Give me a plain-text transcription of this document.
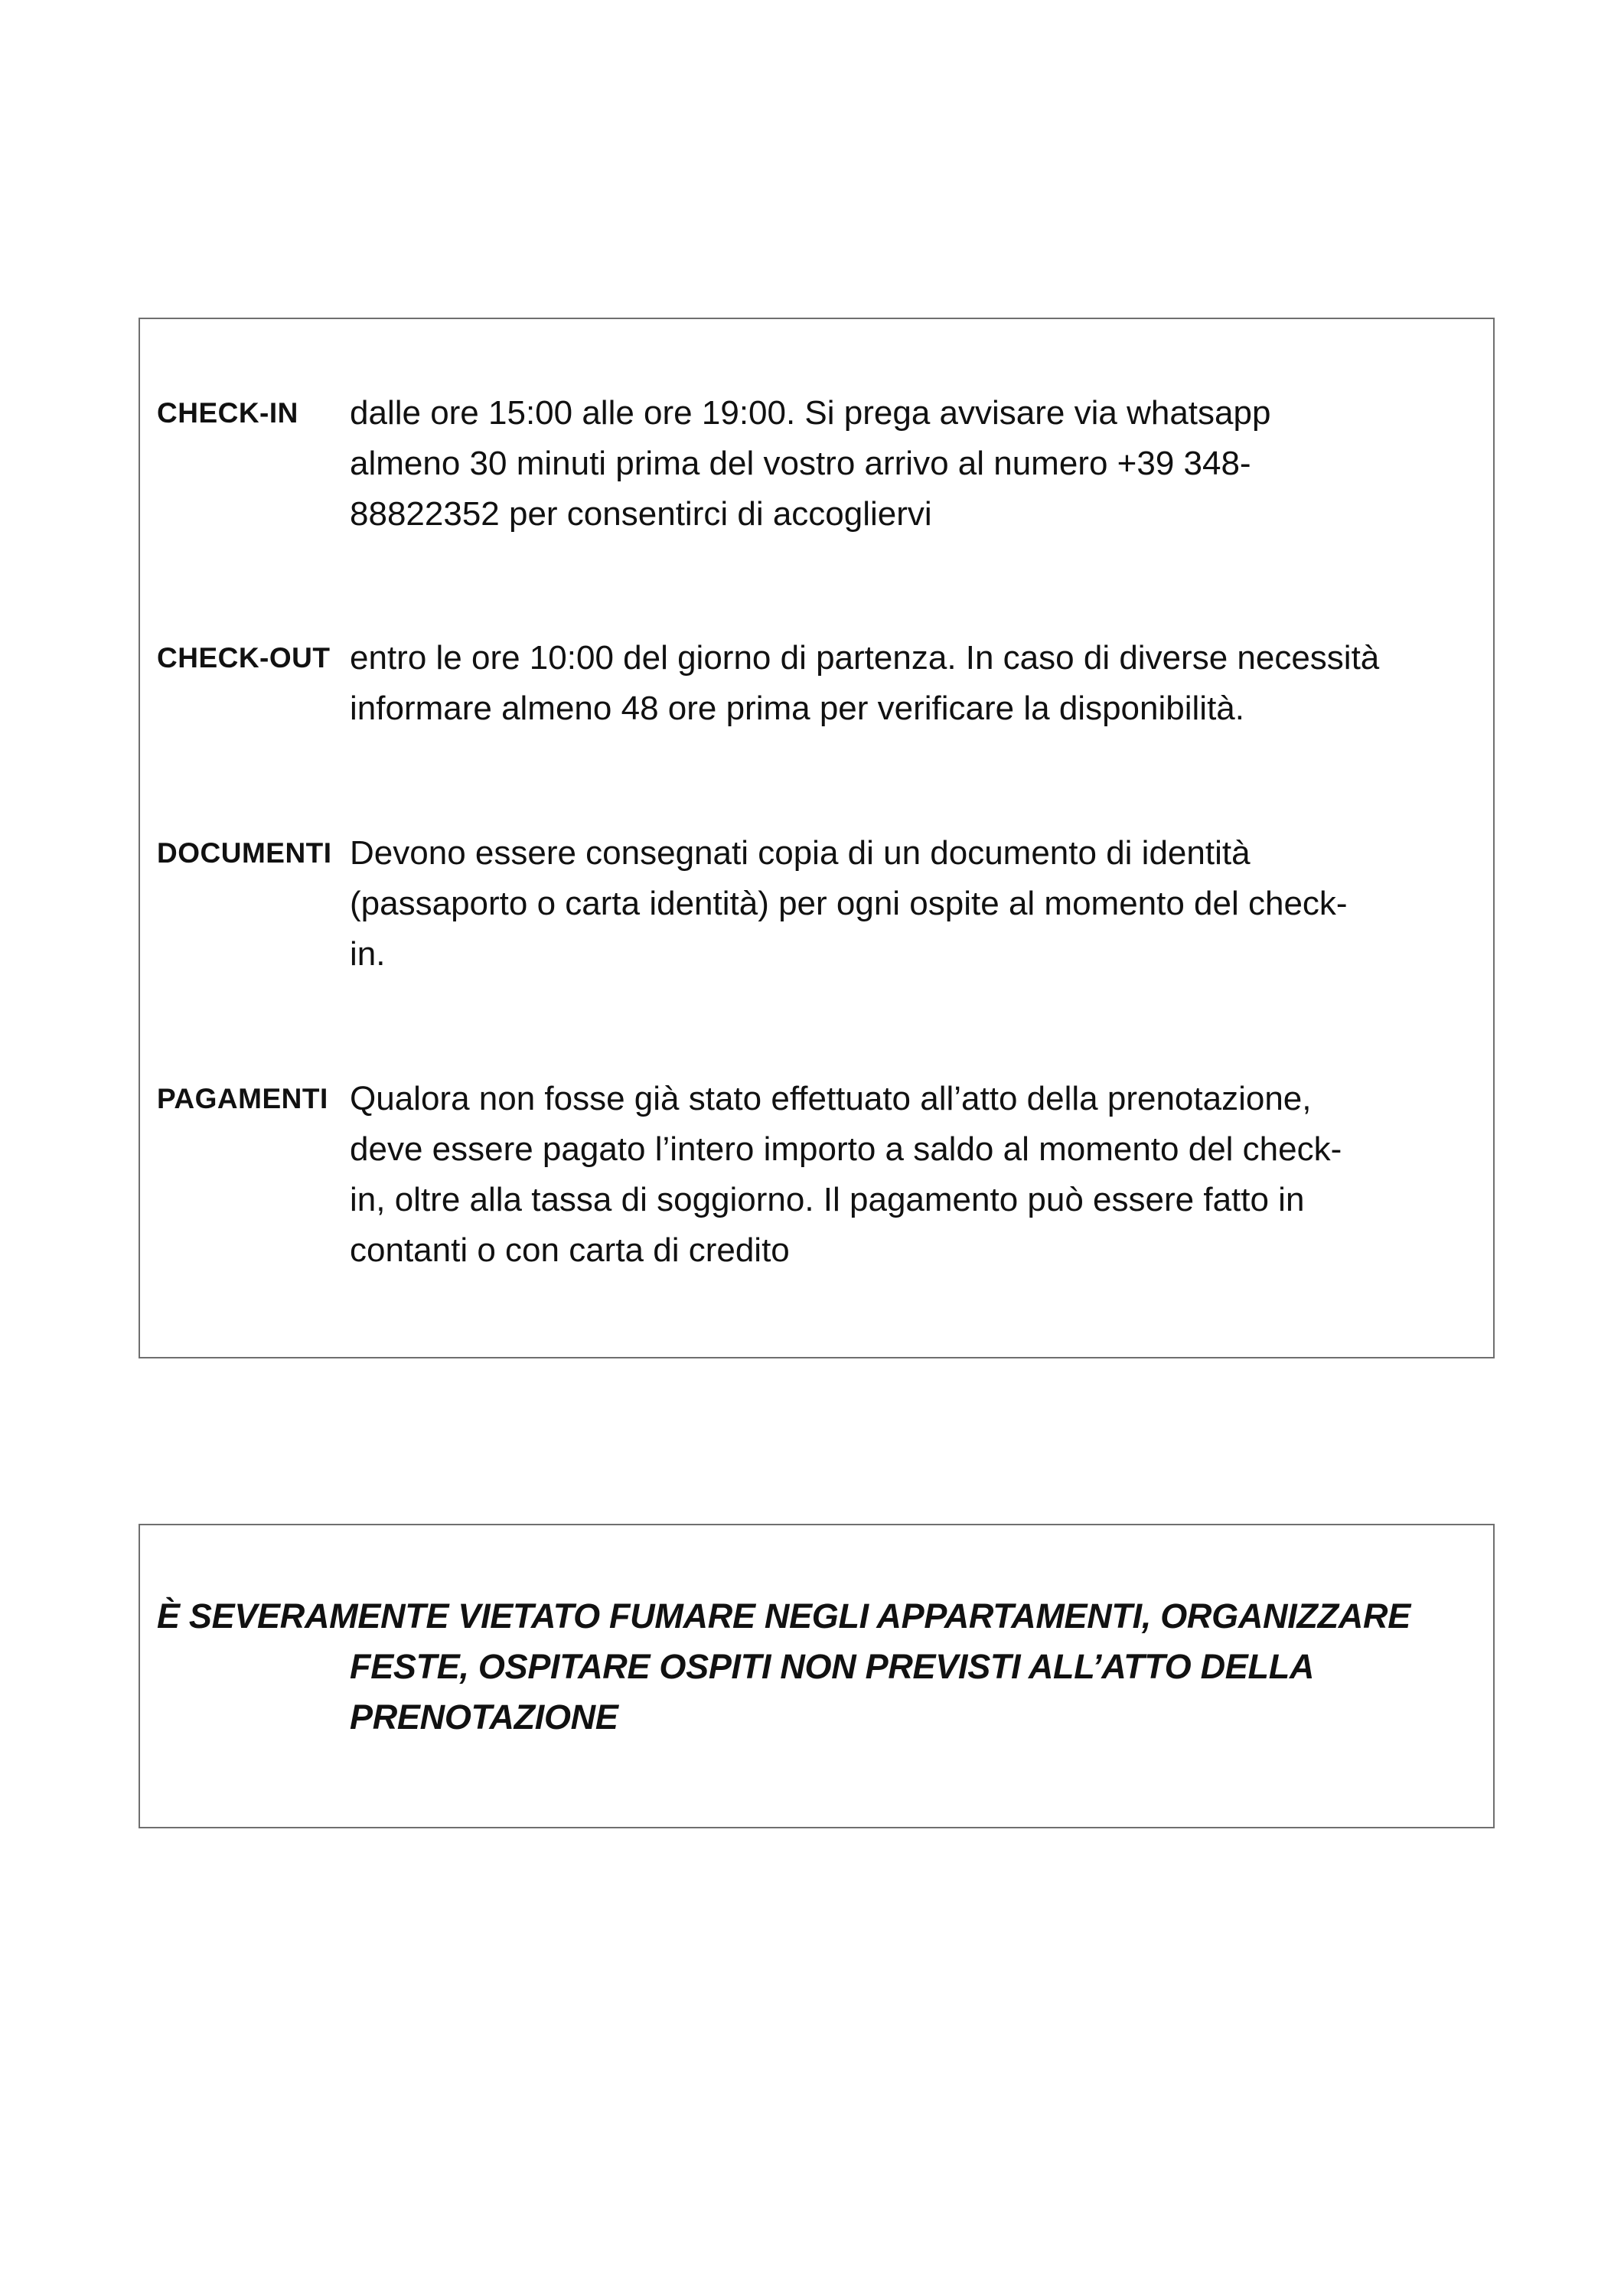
CHECK-IN dalle ore 15:00 alle ore 19:00. Si prega avvisare via whatsapp
almeno 30 minuti prima del vostro arrivo al numero +39 348-
88822352 per consentirci di accogliervi

CHECK-OUT entro le ore 10:00 del giorno di partenza. In caso di diverse necessità
informare almeno 48 ore prima per verificare la disponibilità.

DOCUMENTI Devono essere consegnati copia di un documento di identità
(passaporto o carta identità) per ogni ospite al momento del check-
in.

PAGAMENTI Qualora non fosse già stato effettuato all’atto della prenotazione,
deve essere pagato l’intero importo a saldo al momento del check-
in, oltre alla tassa di soggiorno. Il pagamento può essere fatto in
contanti o con carta di credito

È SEVERAMENTE VIETATO FUMARE NEGLI APPARTAMENTI, ORGANIZZARE
FESTE, OSPITARE OSPITI NON PREVISTI ALL’ATTO DELLA
PRENOTAZIONE
